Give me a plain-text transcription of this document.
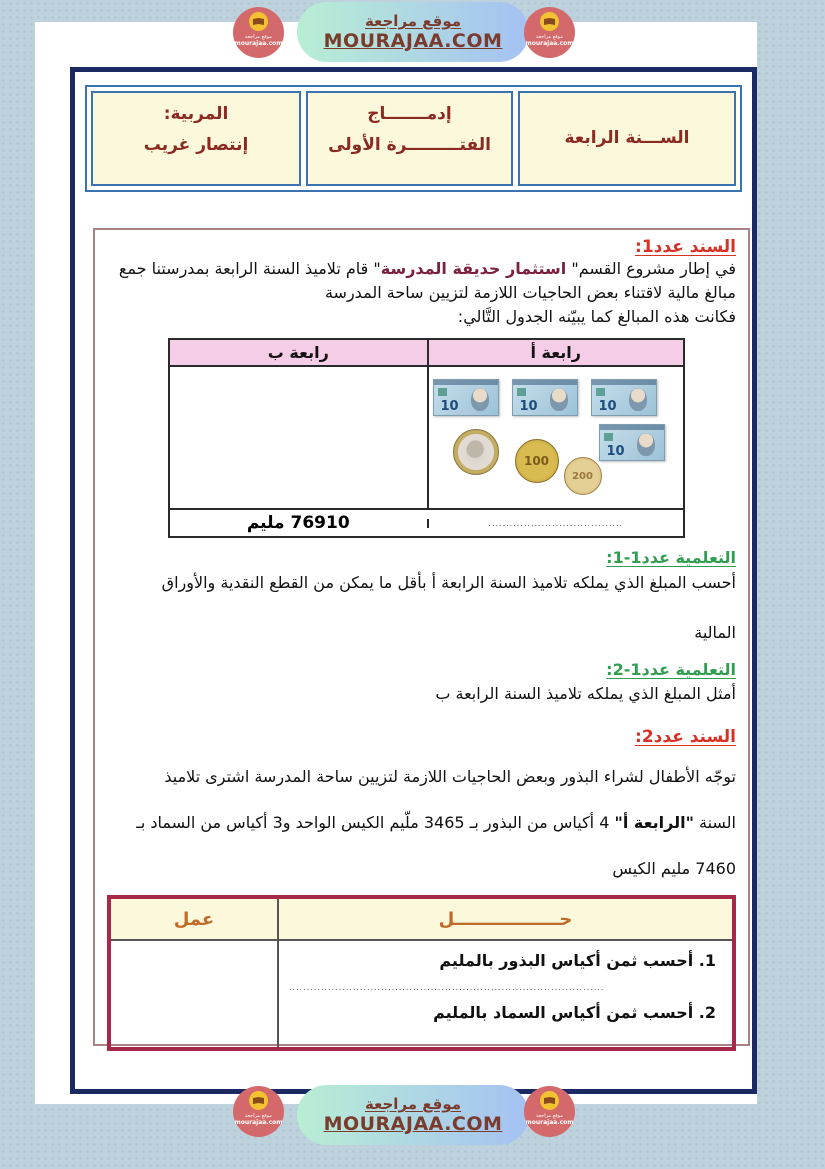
موقع مراجعة
MOURAJAA.COM
موقع مراجعة
mourajaa.com
موقع مراجعة
mourajaa.com
الســـنة الرابعة
إدمـــــــاج
الفتـــــــــرة الأولى
المربية:
إنتصار غريب
السند عدد1:
في إطار مشروع القسم" استثمار حديقة المدرسة" قام تلاميذ السنة الرابعة بمدرستنا جمع
مبالغ مالية لاقتناء بعض الحاجيات اللازمة لتزيين ساحة المدرسة
فكانت هذه المبالغ كما يبيّنه الجدول التَّالي:
رابعة أ
رابعة ب
10	10	10
10
100
200
......................................
76910 مليم
التعلمية عدد1-1:
أحسب المبلغ الذي يملكه تلاميذ السنة الرابعة أ بأقل ما يمكن من القطع النقدية والأوراق
المالية
التعلمية عدد1-2:
أمثل المبلغ الذي يملكه تلاميذ السنة الرابعة ب
السند عدد2:
توجّه الأطفال لشراء البذور وبعض الحاجيات اللازمة لتزيين ساحة المدرسة اشترى تلاميذ
السنة "الرابعة أ" 4 أكياس من البذور بـ 3465 ملّيم الكيس الواحد و3 أكياس من السماد بـ
7460 مليم الكيس
حـــــــــــــــــل
عمل
1. أحسب ثمن أكياس البذور بالمليم
.........................................................................................
2. أحسب ثمن أكياس السماد بالمليم
موقع مراجعة
MOURAJAA.COM
موقع مراجعة
mourajaa.com
موقع مراجعة
mourajaa.com
